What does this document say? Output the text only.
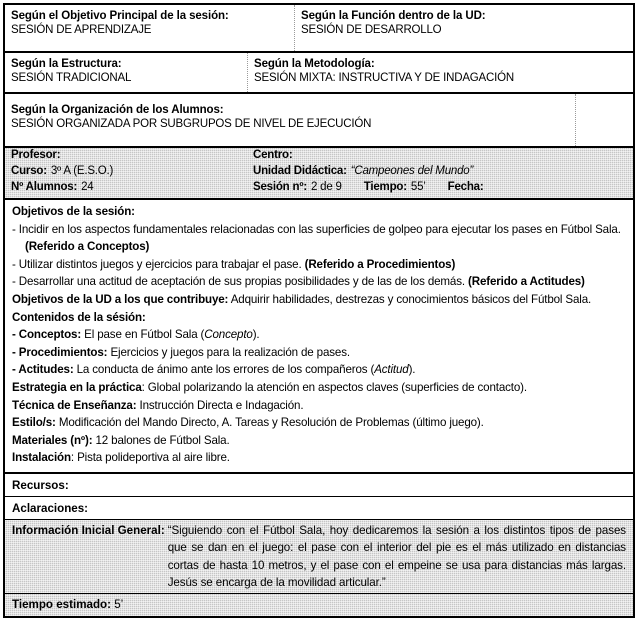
Según el Objetivo Principal de la sesión:
SESIÓN DE APRENDIZAJE
Según la Función dentro de la UD:
SESIÓN DE DESARROLLO
Según la Estructura:
SESIÓN TRADICIONAL
Según la Metodología:
SESIÓN MIXTA: INSTRUCTIVA Y DE INDAGACIÓN
Según la Organización de los Alumnos:
SESIÓN ORGANIZADA POR SUBGRUPOS DE NIVEL DE EJECUCIÓN
Profesor:	Centro:
Curso: 3º A (E.S.O.)	Unidad Didáctica: “Campeones del Mundo”
Nº Alumnos: 24	Sesión nº: 2 de 9 Tiempo: 55’ Fecha:

Objetivos de la sesión:

- Incidir en los aspectos fundamentales relacionadas con las superficies de golpeo para ejecutar los pases en Fútbol Sala. (Referido a Conceptos)

- Utilizar distintos juegos y ejercicios para trabajar el pase. (Referido a Procedimientos)

- Desarrollar una actitud de aceptación de sus propias posibilidades y de las de los demás. (Referido a Actitudes)

Objetivos de la UD a los que contribuye: Adquirir habilidades, destrezas y conocimientos básicos del Fútbol Sala.

Contenidos de la sésión:

- Conceptos: El pase en Fútbol Sala (Concepto).

- Procedimientos: Ejercicios y juegos para la realización de pases.

- Actitudes: La conducta de ánimo ante los errores de los compañeros (Actitud).

Estrategia en la práctica: Global polarizando la atención en aspectos claves (superficies de contacto).

Técnica de Enseñanza: Instrucción Directa e Indagación.

Estilo/s: Modificación del Mando Directo, A. Tareas y Resolución de Problemas (último juego).

Materiales (nº): 12 balones de Fútbol Sala.

Instalación: Pista polideportiva al aire libre.

Recursos:
Aclaraciones:
Información Inicial General: “Siguiendo con el Fútbol Sala, hoy dedicaremos la sesión a los distintos tipos de pases que se dan en el juego: el pase con el interior del pie es el más utilizado en distancias cortas de hasta 10 metros, y el pase con el empeine se usa para distancias más largas. Jesús se encarga de la movilidad articular.”
Tiempo estimado: 5’
